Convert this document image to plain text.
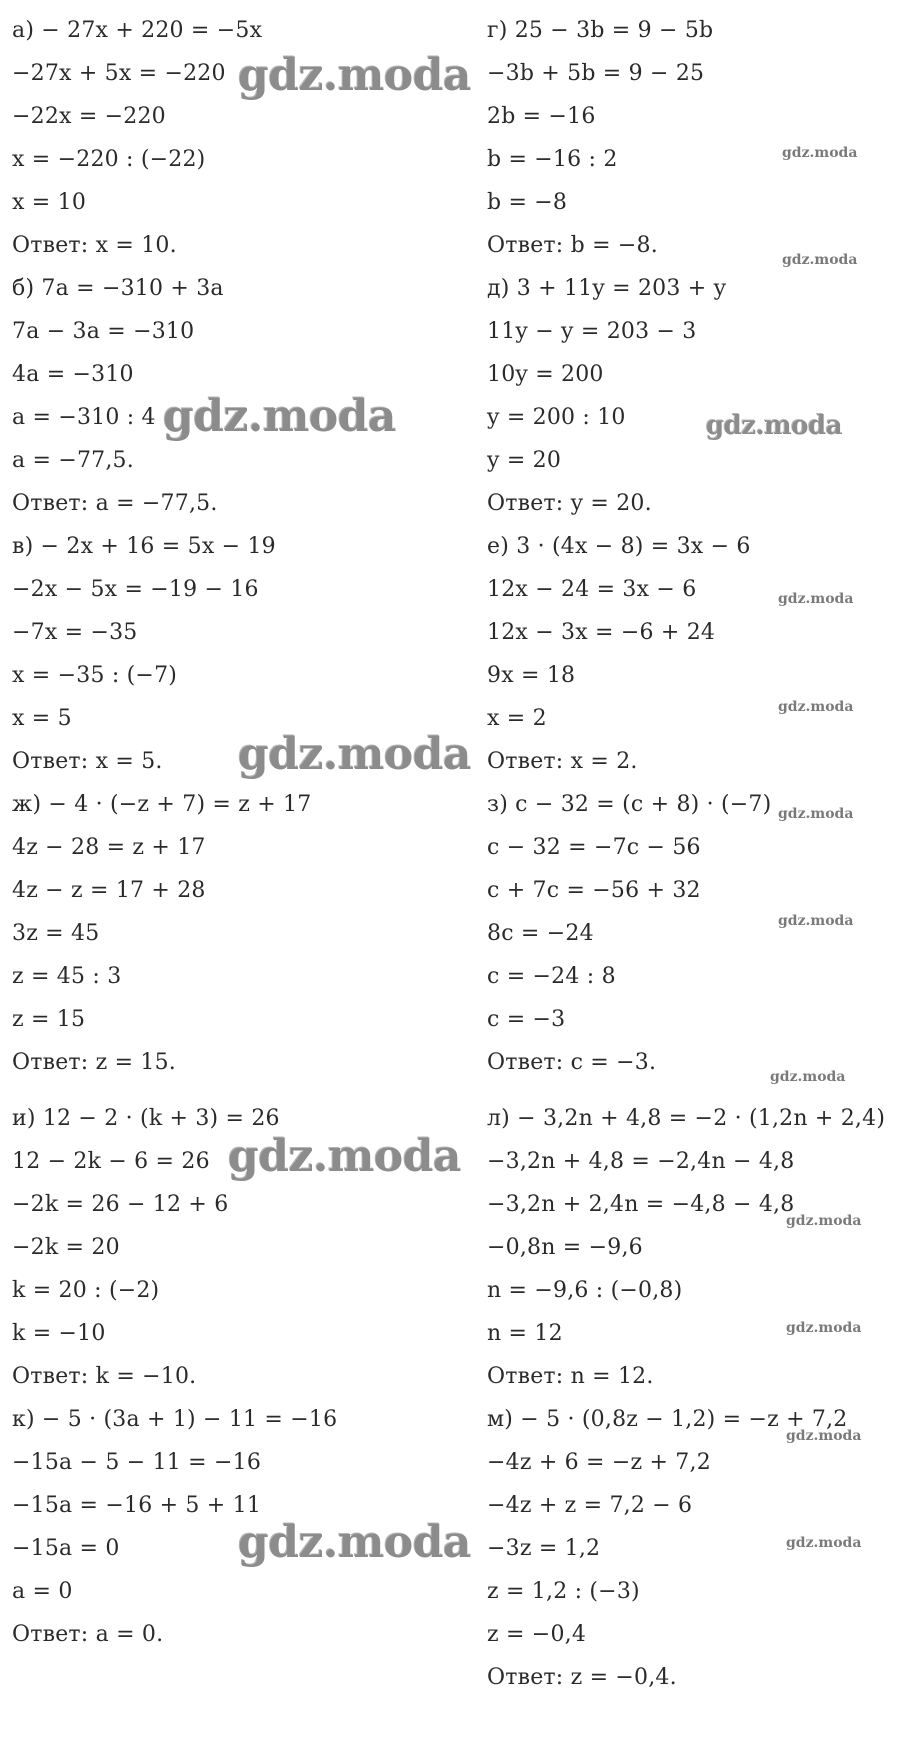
а) − 27x + 220 = −5x
−27x + 5x = −220
−22x = −220
x = −220 : (−22)
x = 10
Ответ: x = 10.
б) 7a = −310 + 3a
7a − 3a = −310
4a = −310
a = −310 : 4
a = −77,5.
Ответ: a = −77,5.
в) − 2x + 16 = 5x − 19
−2x − 5x = −19 − 16
−7x = −35
x = −35 : (−7)
x = 5
Ответ: x = 5.
ж) − 4 · (−z + 7) = z + 17
4z − 28 = z + 17
4z − z = 17 + 28
3z = 45
z = 45 : 3
z = 15
Ответ: z = 15.
и) 12 − 2 · (k + 3) = 26
12 − 2k − 6 = 26
−2k = 26 − 12 + 6
−2k = 20
k = 20 : (−2)
k = −10
Ответ: k = −10.
к) − 5 · (3a + 1) − 11 = −16
−15a − 5 − 11 = −16
−15a = −16 + 5 + 11
−15a = 0
a = 0
Ответ: a = 0.
г) 25 − 3b = 9 − 5b
−3b + 5b = 9 − 25
2b = −16
b = −16 : 2
b = −8
Ответ: b = −8.
д) 3 + 11y = 203 + y
11y − y = 203 − 3
10y = 200
y = 200 : 10
y = 20
Ответ: y = 20.
е) 3 · (4x − 8) = 3x − 6
12x − 24 = 3x − 6
12x − 3x = −6 + 24
9x = 18
x = 2
Ответ: x = 2.
з) c − 32 = (c + 8) · (−7)
c − 32 = −7c − 56
c + 7c = −56 + 32
8c = −24
c = −24 : 8
c = −3
Ответ: c = −3.
л) − 3,2n + 4,8 = −2 · (1,2n + 2,4)
−3,2n + 4,8 = −2,4n − 4,8
−3,2n + 2,4n = −4,8 − 4,8
−0,8n = −9,6
n = −9,6 : (−0,8)
n = 12
Ответ: n = 12.
м) − 5 · (0,8z − 1,2) = −z + 7,2
−4z + 6 = −z + 7,2
−4z + z = 7,2 − 6
−3z = 1,2
z = 1,2 : (−3)
z = −0,4
Ответ: z = −0,4.
gdz.moda
gdz.moda
gdz.moda
gdz.moda
gdz.moda
gdz.moda
gdz.moda
gdz.moda
gdz.moda
gdz.moda
gdz.moda
gdz.moda
gdz.moda
gdz.moda
gdz.moda
gdz.moda
gdz.moda
